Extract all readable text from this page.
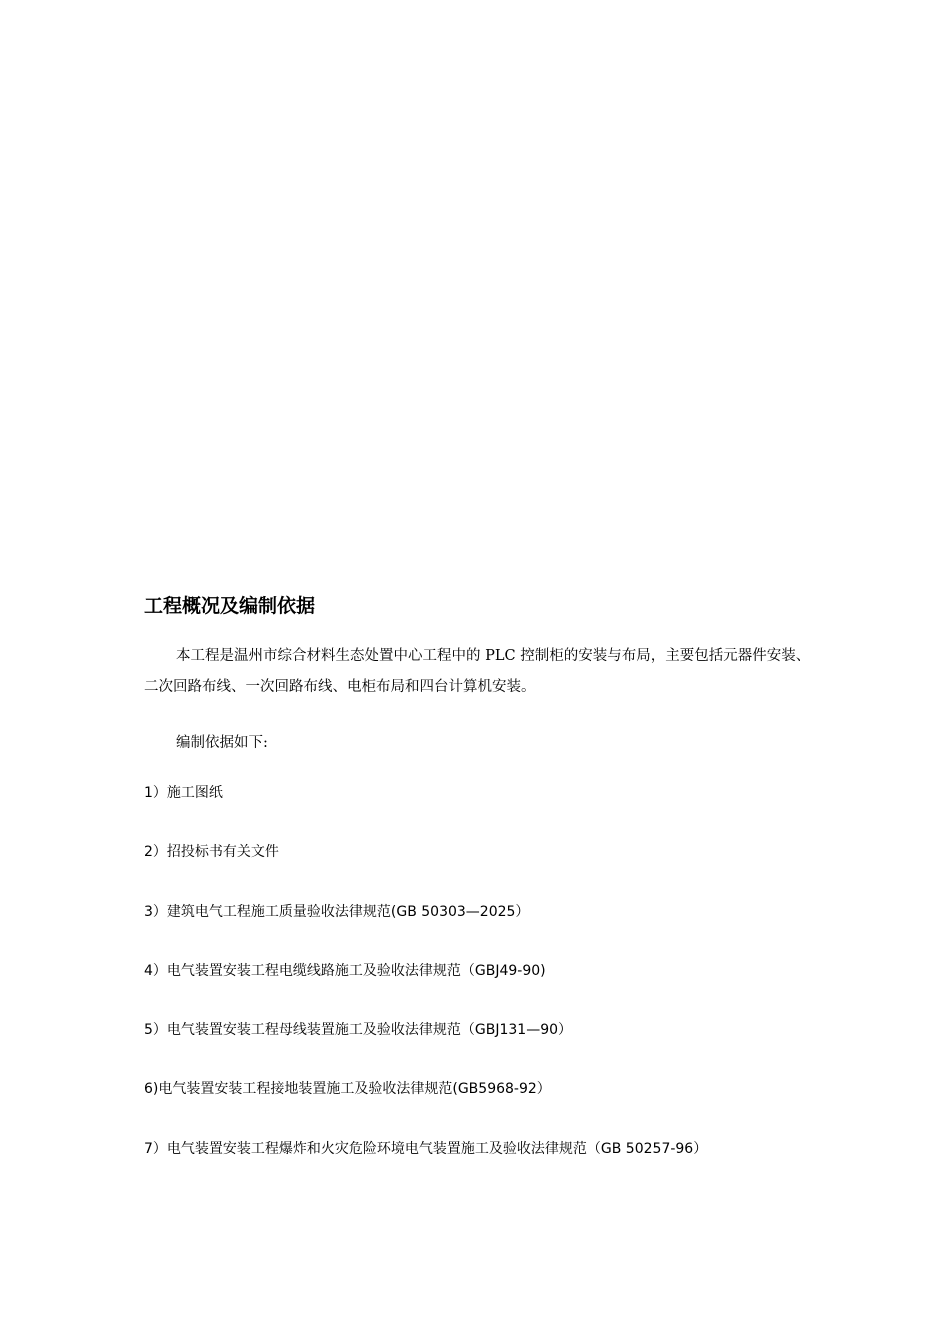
工程概况及编制依据
本工程是温州市综合材料生态处置中心工程中的 PLC 控制柜的安装与布局，主要包括元器件安装、二次回路布线、一次回路布线、电柜布局和四台计算机安装。
编制依据如下:
1）施工图纸
2）招投标书有关文件
3）建筑电气工程施工质量验收法律规范(GB 50303—2025）
4）电气装置安装工程电缆线路施工及验收法律规范（GBJ49-90)
5）电气装置安装工程母线装置施工及验收法律规范（GBJ131—90）
6)电气装置安装工程接地装置施工及验收法律规范(GB5968-92）
7）电气装置安装工程爆炸和火灾危险环境电气装置施工及验收法律规范（GB 50257-96）
